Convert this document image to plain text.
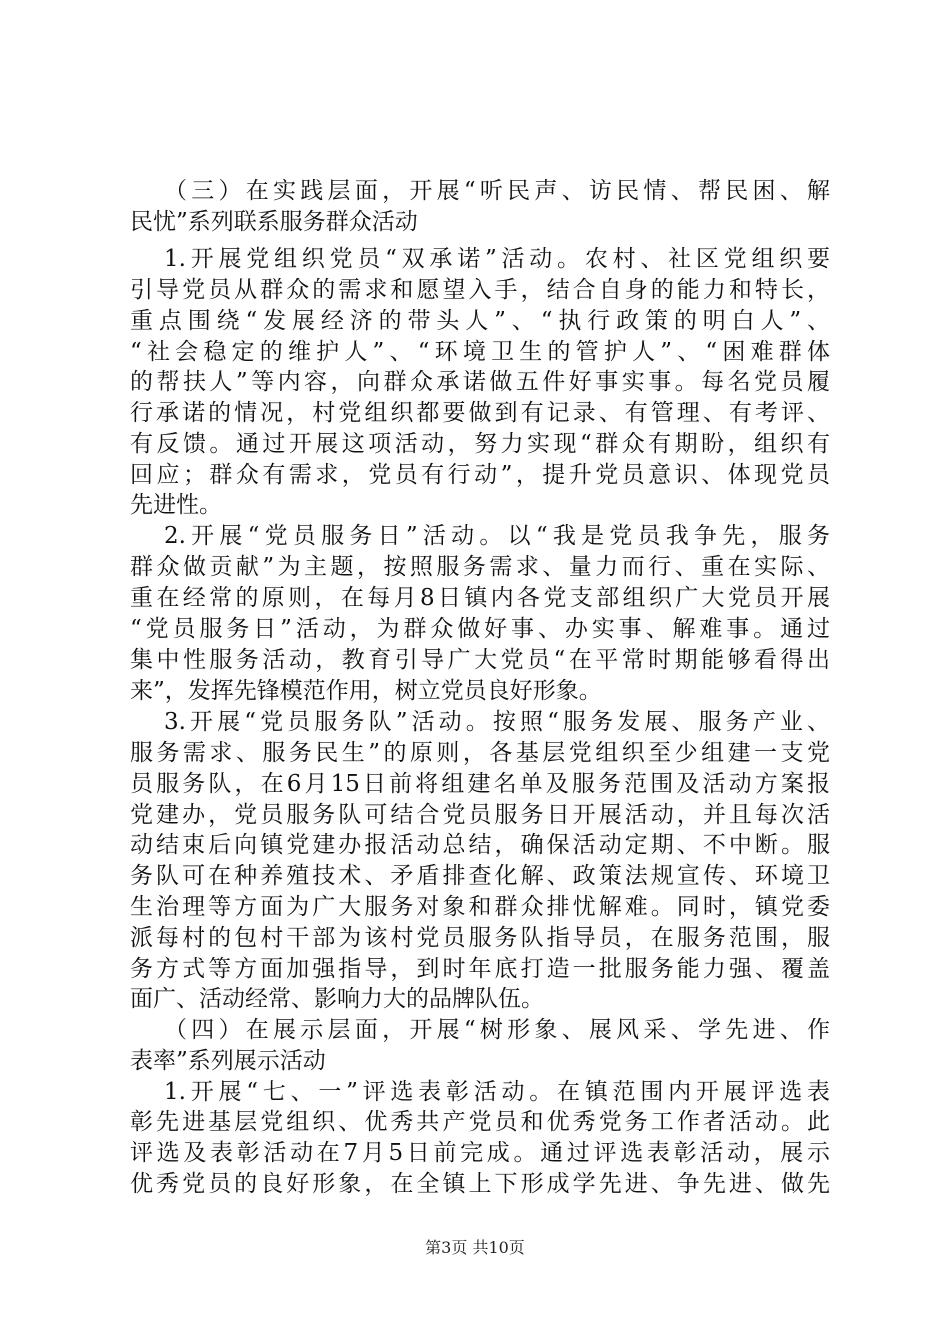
（三）在实践层面，开展“听民声、访民情、帮民困、解
民忧”系列联系服务群众活动
1.开展党组织党员“双承诺”活动。农村、社区党组织要
引导党员从群众的需求和愿望入手，结合自身的能力和特长，
重点围绕“发展经济的带头人”、“执行政策的明白人”、
“社会稳定的维护人”、“环境卫生的管护人”、“困难群体
的帮扶人”等内容，向群众承诺做五件好事实事。每名党员履
行承诺的情况，村党组织都要做到有记录、有管理、有考评、
有反馈。通过开展这项活动，努力实现“群众有期盼，组织有
回应；群众有需求，党员有行动”，提升党员意识、体现党员
先进性。
2.开展“党员服务日”活动。以“我是党员我争先，服务
群众做贡献”为主题，按照服务需求、量力而行、重在实际、
重在经常的原则，在每月8日镇内各党支部组织广大党员开展
“党员服务日”活动，为群众做好事、办实事、解难事。通过
集中性服务活动，教育引导广大党员“在平常时期能够看得出
来”，发挥先锋模范作用，树立党员良好形象。
3.开展“党员服务队”活动。按照“服务发展、服务产业、
服务需求、服务民生”的原则，各基层党组织至少组建一支党
员服务队，在6月15日前将组建名单及服务范围及活动方案报
党建办，党员服务队可结合党员服务日开展活动，并且每次活
动结束后向镇党建办报活动总结，确保活动定期、不中断。服
务队可在种养殖技术、矛盾排查化解、政策法规宣传、环境卫
生治理等方面为广大服务对象和群众排忧解难。同时，镇党委
派每村的包村干部为该村党员服务队指导员，在服务范围，服
务方式等方面加强指导，到时年底打造一批服务能力强、覆盖
面广、活动经常、影响力大的品牌队伍。
（四）在展示层面，开展“树形象、展风采、学先进、作
表率”系列展示活动
1.开展“七、一”评选表彰活动。在镇范围内开展评选表
彰先进基层党组织、优秀共产党员和优秀党务工作者活动。此
评选及表彰活动在7月5日前完成。通过评选表彰活动，展示
优秀党员的良好形象，在全镇上下形成学先进、争先进、做先
第3页 共10页
